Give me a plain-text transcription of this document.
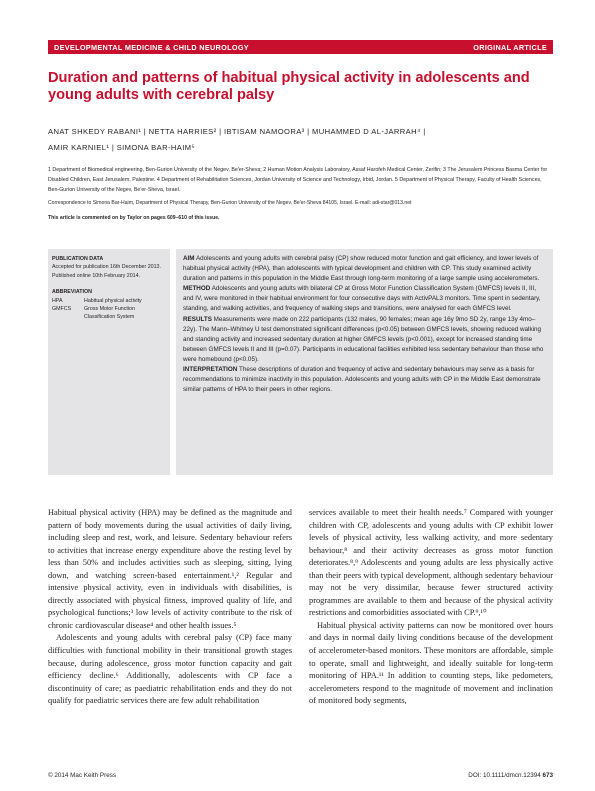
DEVELOPMENTAL MEDICINE & CHILD NEUROLOGY	ORIGINAL ARTICLE
Duration and patterns of habitual physical activity in adolescents and young adults with cerebral palsy
ANAT SHKEDY RABANI¹ | NETTA HARRIES² | IBTISAM NAMOORA³ | MUHAMMED D AL-JARRAH⁴ |
AMIR KARNIEL¹ | SIMONA BAR-HAIM⁵
1 Department of Biomedical engineering, Ben-Gurion University of the Negev, Be'er-Sheva; 2 Human Motion Analysis Laboratory, Assaf Harofeh Medical Center, Zerifin; 3 The Jerusalem Princess Basma Center for Disabled Children, East Jerusalem, Palestine. 4 Department of Rehabilitation Sciences, Jordan University of Science and Technology, Irbid, Jordan. 5 Department of Physical Therapy, Faculty of Health Sciences, Ben-Gurion University of the Negev, Be'er-Sheva, Israel.
Correspondence to Simona Bar-Haim, Department of Physical Therapy, Ben-Gurion University of the Negev, Be'er-Sheva 84105, Israel. E-mail: adi-star@013.net
This article is commented on by Taylor on pages 609–610 of this issue.
PUBLICATION DATA
Accepted for publication 16th December 2013.
Published online 10th February 2014.
ABBREVIATION
HPA	Habitual physical activity
GMFCS	Gross Motor Function Classification System

AIM Adolescents and young adults with cerebral palsy (CP) show reduced motor function and gait efficiency, and lower levels of habitual physical activity (HPA), than adolescents with typical development and children with CP. This study examined activity duration and patterns in this population in the Middle East through long-term monitoring of a large sample using accelerometers.

METHOD Adolescents and young adults with bilateral CP at Gross Motor Function Classification System (GMFCS) levels II, III, and IV, were monitored in their habitual environment for four consecutive days with ActivPAL3 monitors. Time spent in sedentary, standing, and walking activities, and frequency of walking steps and transitions, were analysed for each GMFCS level.

RESULTS Measurements were made on 222 participants (132 males, 90 females; mean age 16y 9mo SD 2y, range 13y 4mo–22y). The Mann–Whitney U test demonstrated significant differences (p<0.05) between GMFCS levels, showing reduced walking and standing activity and increased sedentary duration at higher GMFCS levels (p<0.001), except for increased standing time between GMFCS levels II and III (p=0.07). Participants in educational facilities exhibited less sedentary behaviour than those who were homebound (p<0.05).

INTERPRETATION These descriptions of duration and frequency of active and sedentary behaviours may serve as a basis for recommendations to minimize inactivity in this population. Adolescents and young adults with CP in the Middle East demonstrate similar patterns of HPA to their peers in other regions.

Habitual physical activity (HPA) may be defined as the magnitude and pattern of body movements during the usual activities of daily living, including sleep and rest, work, and leisure. Sedentary behaviour refers to activities that increase energy expenditure above the resting level by less than 50% and includes activities such as sleeping, sitting, lying down, and watching screen-based entertainment.¹,² Regular and intensive physical activity, even in individuals with disabilities, is directly associated with physical fitness, improved quality of life, and psychological functions;³ low levels of activity contribute to the risk of chronic cardiovascular disease⁴ and other health issues.⁵

Adolescents and young adults with cerebral palsy (CP) face many difficulties with functional mobility in their transitional growth stages because, during adolescence, gross motor function capacity and gait efficiency decline.⁶ Additionally, adolescents with CP face a discontinuity of care; as paediatric rehabilitation ends and they do not qualify for paediatric services there are few adult rehabilitation

services available to meet their health needs.⁷ Compared with younger children with CP, adolescents and young adults with CP exhibit lower levels of physical activity, less walking activity, and more sedentary behaviour,⁸ and their activity decreases as gross motor function deteriorates.⁸,⁹ Adolescents and young adults are less physically active than their peers with typical development, although sedentary behaviour may not be very dissimilar, because fewer structured activity programmes are available to them and because of the physical activity restrictions and comorbidities associated with CP.⁹,¹⁰

Habitual physical activity patterns can now be monitored over hours and days in normal daily living conditions because of the development of accelerometer-based monitors. These monitors are affordable, simple to operate, small and lightweight, and ideally suitable for long-term monitoring of HPA.¹¹ In addition to counting steps, like pedometers, accelerometers respond to the magnitude of movement and inclination of monitored body segments,

© 2014 Mac Keith Press	DOI: 10.1111/dmcn.12394 673
